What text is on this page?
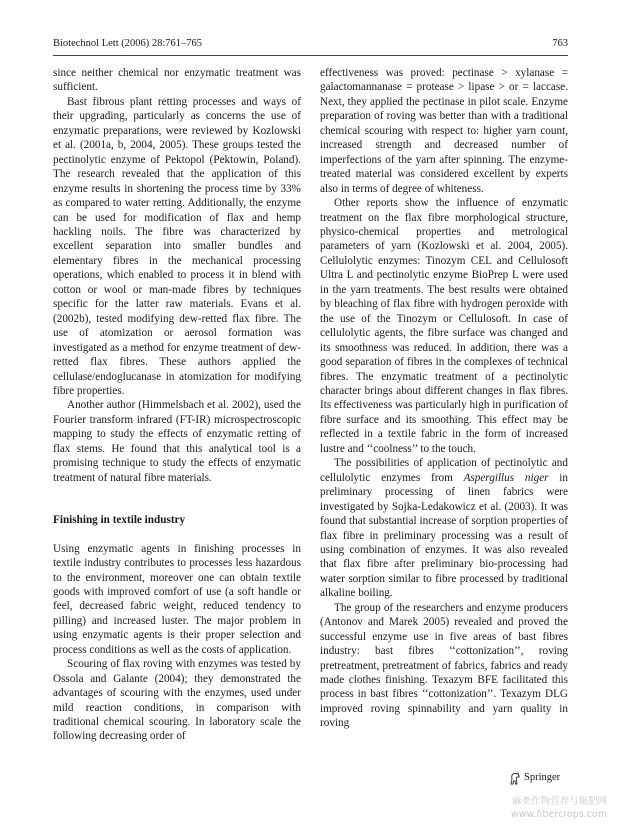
Biotechnol Lett (2006) 28:761–765	763

since neither chemical nor enzymatic treatment was sufficient.

Bast fibrous plant retting processes and ways of their upgrading, particularly as concerns the use of enzymatic preparations, were reviewed by Kozlowski et al. (2001a, b, 2004, 2005). These groups tested the pectinolytic enzyme of Pektopol (Pektowin, Poland). The research revealed that the application of this enzyme results in shortening the process time by 33% as compared to water retting. Additionally, the enzyme can be used for modification of flax and hemp hackling noils. The fibre was characterized by excellent separation into smaller bundles and elementary fibres in the mechanical processing operations, which enabled to process it in blend with cotton or wool or man-made fibres by techniques specific for the latter raw materials. Evans et al. (2002b), tested modifying dew-retted flax fibre. The use of atomization or aerosol formation was investigated as a method for enzyme treatment of dew-retted flax fibres. These authors applied the cellulase/endoglucanase in atomization for modifying fibre properties.

Another author (Himmelsbach et al. 2002), used the Fourier transform infrared (FT-IR) microspectroscopic mapping to study the effects of enzymatic retting of flax stems. He found that this analytical tool is a promising technique to study the effects of enzymatic treatment of natural fibre materials.

Finishing in textile industry

Using enzymatic agents in finishing processes in textile industry contributes to processes less hazardous to the environment, moreover one can obtain textile goods with improved comfort of use (a soft handle or feel, decreased fabric weight, reduced tendency to pilling) and increased luster. The major problem in using enzymatic agents is their proper selection and process conditions as well as the costs of application.

Scouring of flax roving with enzymes was tested by Ossola and Galante (2004); they demonstrated the advantages of scouring with the enzymes, used under mild reaction conditions, in comparison with traditional chemical scouring. In laboratory scale the following decreasing order of

effectiveness was proved: pectinase > xylanase = galactomannanase = protease > lipase > or = laccase. Next, they applied the pectinase in pilot scale. Enzyme preparation of roving was better than with a traditional chemical scouring with respect to: higher yarn count, increased strength and decreased number of imperfections of the yarn after spinning. The enzyme-treated material was considered excellent by experts also in terms of degree of whiteness.

Other reports show the influence of enzymatic treatment on the flax fibre morphological structure, physico-chemical properties and metrological parameters of yarn (Kozlowski et al. 2004, 2005). Cellulolytic enzymes: Tinozym CEL and Cellulosoft Ultra L and pectinolytic enzyme BioPrep L were used in the yarn treatments. The best results were obtained by bleaching of flax fibre with hydrogen peroxide with the use of the Tinozym or Cellulosoft. In case of cellulolytic agents, the fibre surface was changed and its smoothness was reduced. In addition, there was a good separation of fibres in the complexes of technical fibres. The enzymatic treatment of a pectinolytic character brings about different changes in flax fibres. Its effectiveness was particularly high in purification of fibre surface and its smoothing. This effect may be reflected in a textile fabric in the form of increased lustre and ‘‘coolness’’ to the touch.

The possibilities of application of pectinolytic and cellulolytic enzymes from Aspergillus niger in preliminary processing of linen fabrics were investigated by Sojka-Ledakowicz et al. (2003). It was found that substantial increase of sorption properties of flax fibre in preliminary processing was a result of using combination of enzymes. It was also revealed that flax fibre after preliminary bio-processing had water sorption similar to fibre processed by traditional alkaline boiling.

The group of the researchers and enzyme producers (Antonov and Marek 2005) revealed and proved the successful enzyme use in five areas of bast fibres industry: bast fibres ‘‘cottonization’’, roving pretreatment, pretreatment of fabrics, fabrics and ready made clothes finishing. Texazym BFE facilitated this process in bast fibres ‘‘cottonization’’. Texazym DLG improved roving spinnability and yarn quality in roving

Springer
麻类作物营养与施肥网
www.fibercrops.com
